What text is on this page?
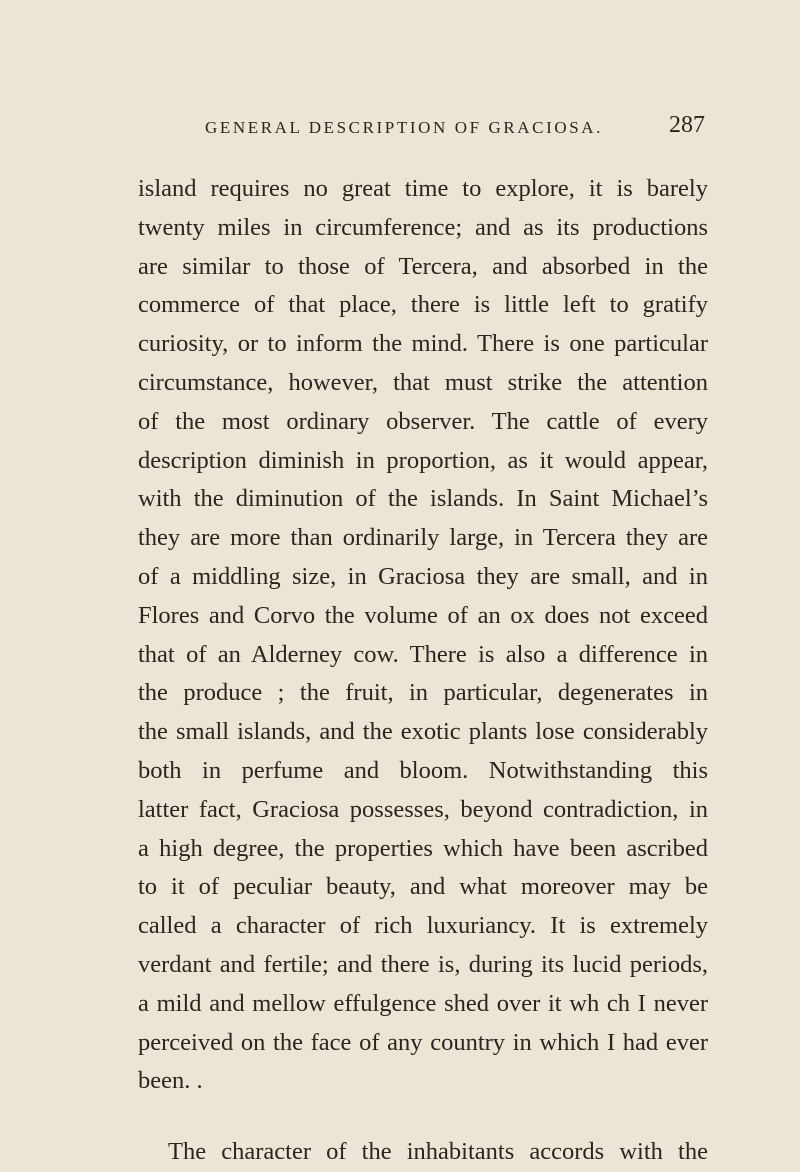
GENERAL DESCRIPTION OF GRACIOSA.	287
island requires no great time to explore, it is barely
twenty miles in circumference; and as its productions
are similar to those of Tercera, and absorbed in the
commerce of that place, there is little left to gratify
curiosity, or to inform the mind. There is one particular
circumstance, however, that must strike the attention
of the most ordinary observer. The cattle of every
description diminish in proportion, as it would appear,
with the diminution of the islands. In Saint Michael’s
they are more than ordinarily large, in Tercera they are
of a middling size, in Graciosa they are small, and in
Flores and Corvo the volume of an ox does not exceed
that of an Alderney cow. There is also a difference in
the produce ; the fruit, in particular, degenerates in
the small islands, and the exotic plants lose considerably
both in perfume and bloom. Notwithstanding this
latter fact, Graciosa possesses, beyond contradiction, in
a high degree, the properties which have been ascribed
to it of peculiar beauty, and what moreover may be
called a character of rich luxuriancy. It is extremely
verdant and fertile; and there is, during its lucid periods,
a mild and mellow effulgence shed over it wh ch I never
perceived on the face of any country in which I had ever
been. .
The character of the inhabitants accords with the
